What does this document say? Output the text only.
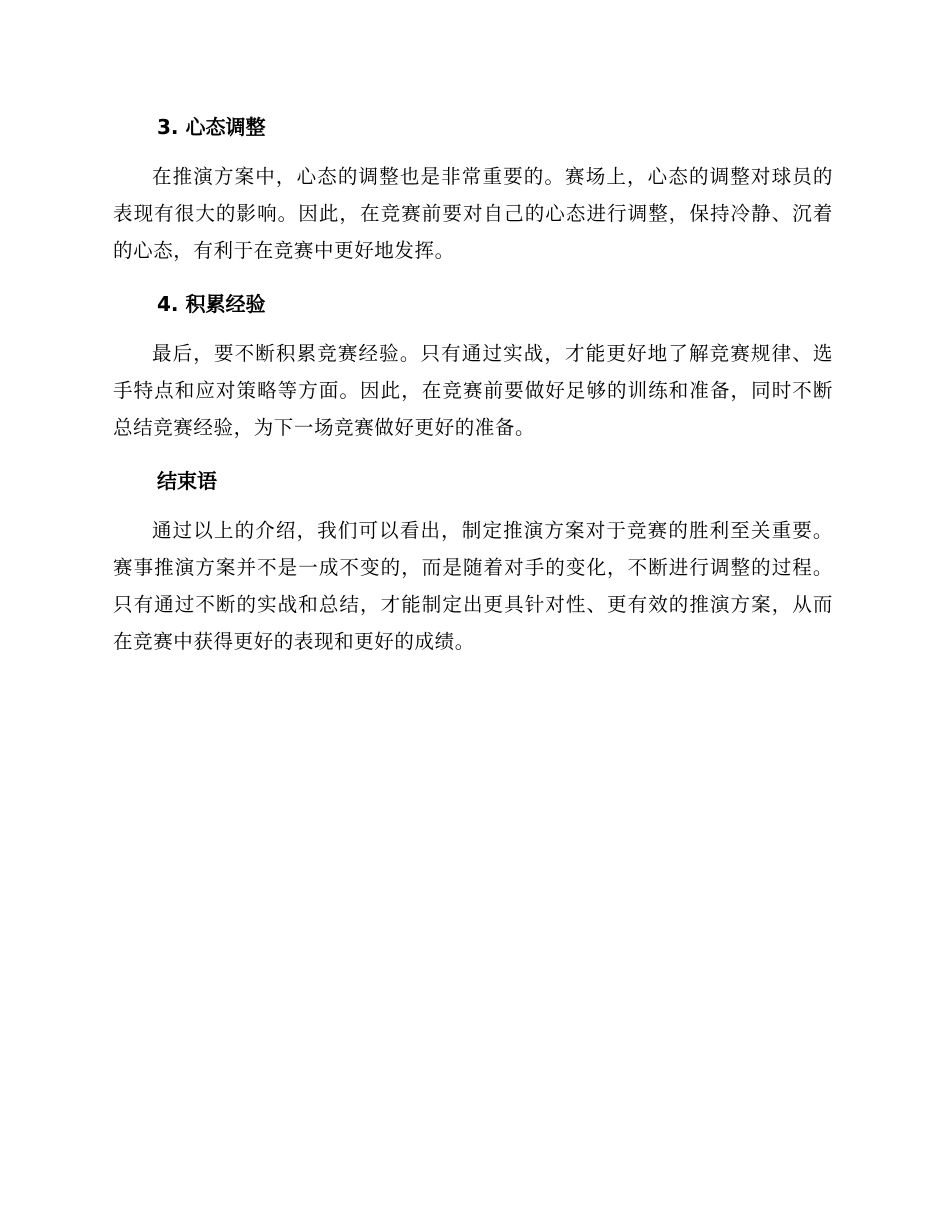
3. 心态调整

在推演方案中，心态的调整也是非常重要的。赛场上，心态的调整对球员的表现有很大的影响。因此，在竞赛前要对自己的心态进行调整，保持冷静、沉着的心态，有利于在竞赛中更好地发挥。

4. 积累经验

最后，要不断积累竞赛经验。只有通过实战，才能更好地了解竞赛规律、选手特点和应对策略等方面。因此，在竞赛前要做好足够的训练和准备，同时不断总结竞赛经验，为下一场竞赛做好更好的准备。

结束语

通过以上的介绍，我们可以看出，制定推演方案对于竞赛的胜利至关重要。赛事推演方案并不是一成不变的，而是随着对手的变化，不断进行调整的过程。只有通过不断的实战和总结，才能制定出更具针对性、更有效的推演方案，从而在竞赛中获得更好的表现和更好的成绩。
